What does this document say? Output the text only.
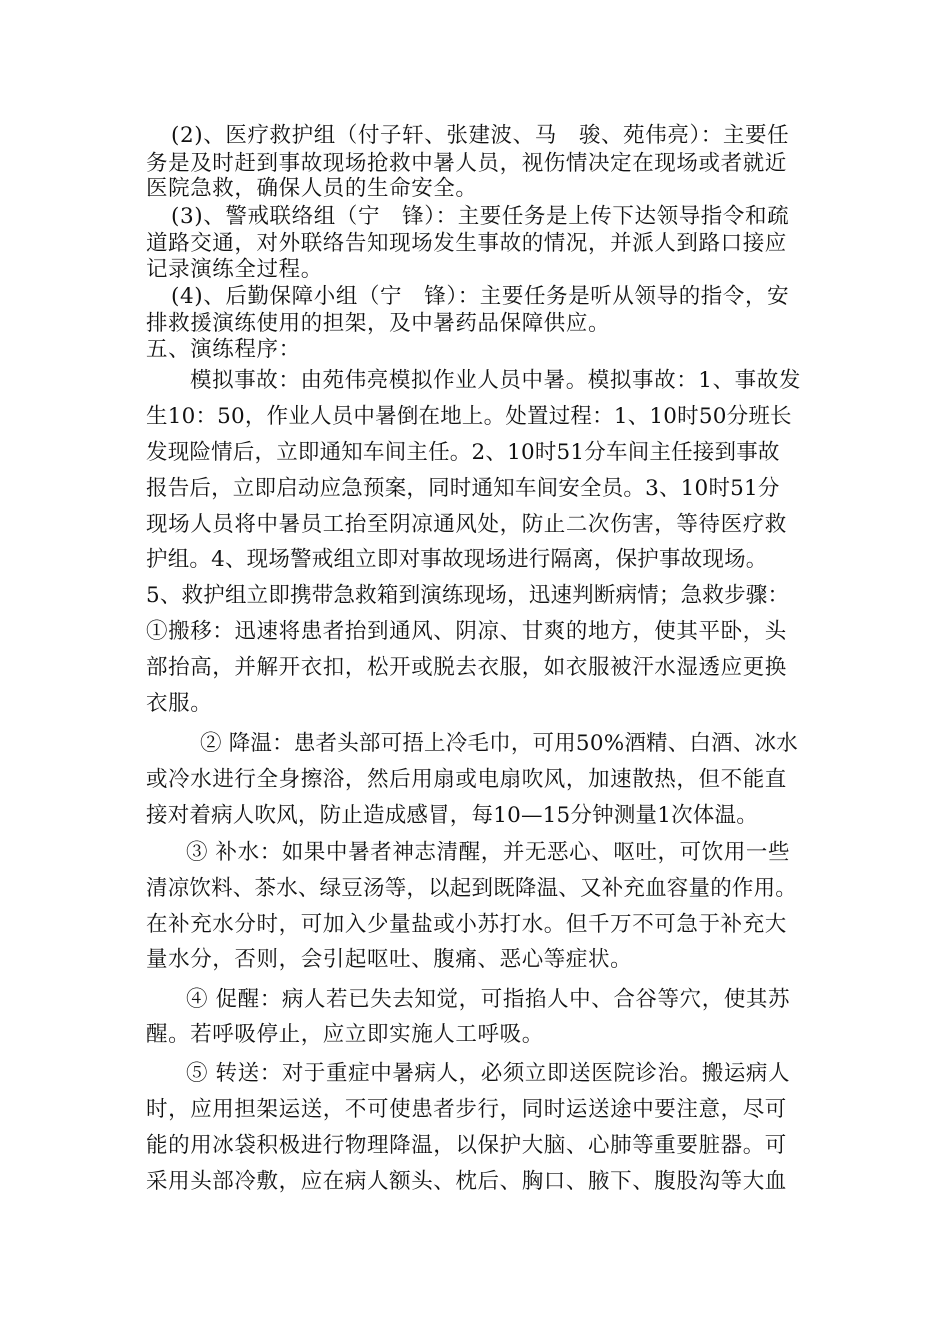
(2)、医疗救护组（付子轩、张建波、马　骏、苑伟亮）：主要任
务是及时赶到事故现场抢救中暑人员，视伤情决定在现场或者就近
医院急救，确保人员的生命安全。
(3)、警戒联络组（宁　锋）：主要任务是上传下达领导指令和疏
道路交通，对外联络告知现场发生事故的情况，并派人到路口接应
记录演练全过程。
(4)、后勤保障小组（宁　锋）：主要任务是听从领导的指令，安
排救援演练使用的担架，及中暑药品保障供应。
五、演练程序：
模拟事故：由苑伟亮模拟作业人员中暑。模拟事故：1、事故发
生10：50，作业人员中暑倒在地上。处置过程：1、10时50分班长
发现险情后，立即通知车间主任。2、10时51分车间主任接到事故
报告后，立即启动应急预案，同时通知车间安全员。3、10时51分
现场人员将中暑员工抬至阴凉通风处，防止二次伤害，等待医疗救
护组。4、现场警戒组立即对事故现场进行隔离，保护事故现场。
5、救护组立即携带急救箱到演练现场，迅速判断病情；急救步骤：
①搬移：迅速将患者抬到通风、阴凉、甘爽的地方，使其平卧，头
部抬高，并解开衣扣，松开或脱去衣服，如衣服被汗水湿透应更换
衣服。
② 降温：患者头部可捂上冷毛巾，可用50%酒精、白酒、冰水
或冷水进行全身擦浴，然后用扇或电扇吹风，加速散热，但不能直
接对着病人吹风，防止造成感冒，每10—15分钟测量1次体温。
③ 补水：如果中暑者神志清醒，并无恶心、呕吐，可饮用一些
清凉饮料、茶水、绿豆汤等，以起到既降温、又补充血容量的作用。
在补充水分时，可加入少量盐或小苏打水。但千万不可急于补充大
量水分，否则，会引起呕吐、腹痛、恶心等症状。
④ 促醒：病人若已失去知觉，可指掐人中、合谷等穴，使其苏
醒。若呼吸停止，应立即实施人工呼吸。
⑤ 转送：对于重症中暑病人，必须立即送医院诊治。搬运病人
时，应用担架运送，不可使患者步行，同时运送途中要注意，尽可
能的用冰袋积极进行物理降温，以保护大脑、心肺等重要脏器。可
采用头部冷敷，应在病人额头、枕后、胸口、腋下、腹股沟等大血
